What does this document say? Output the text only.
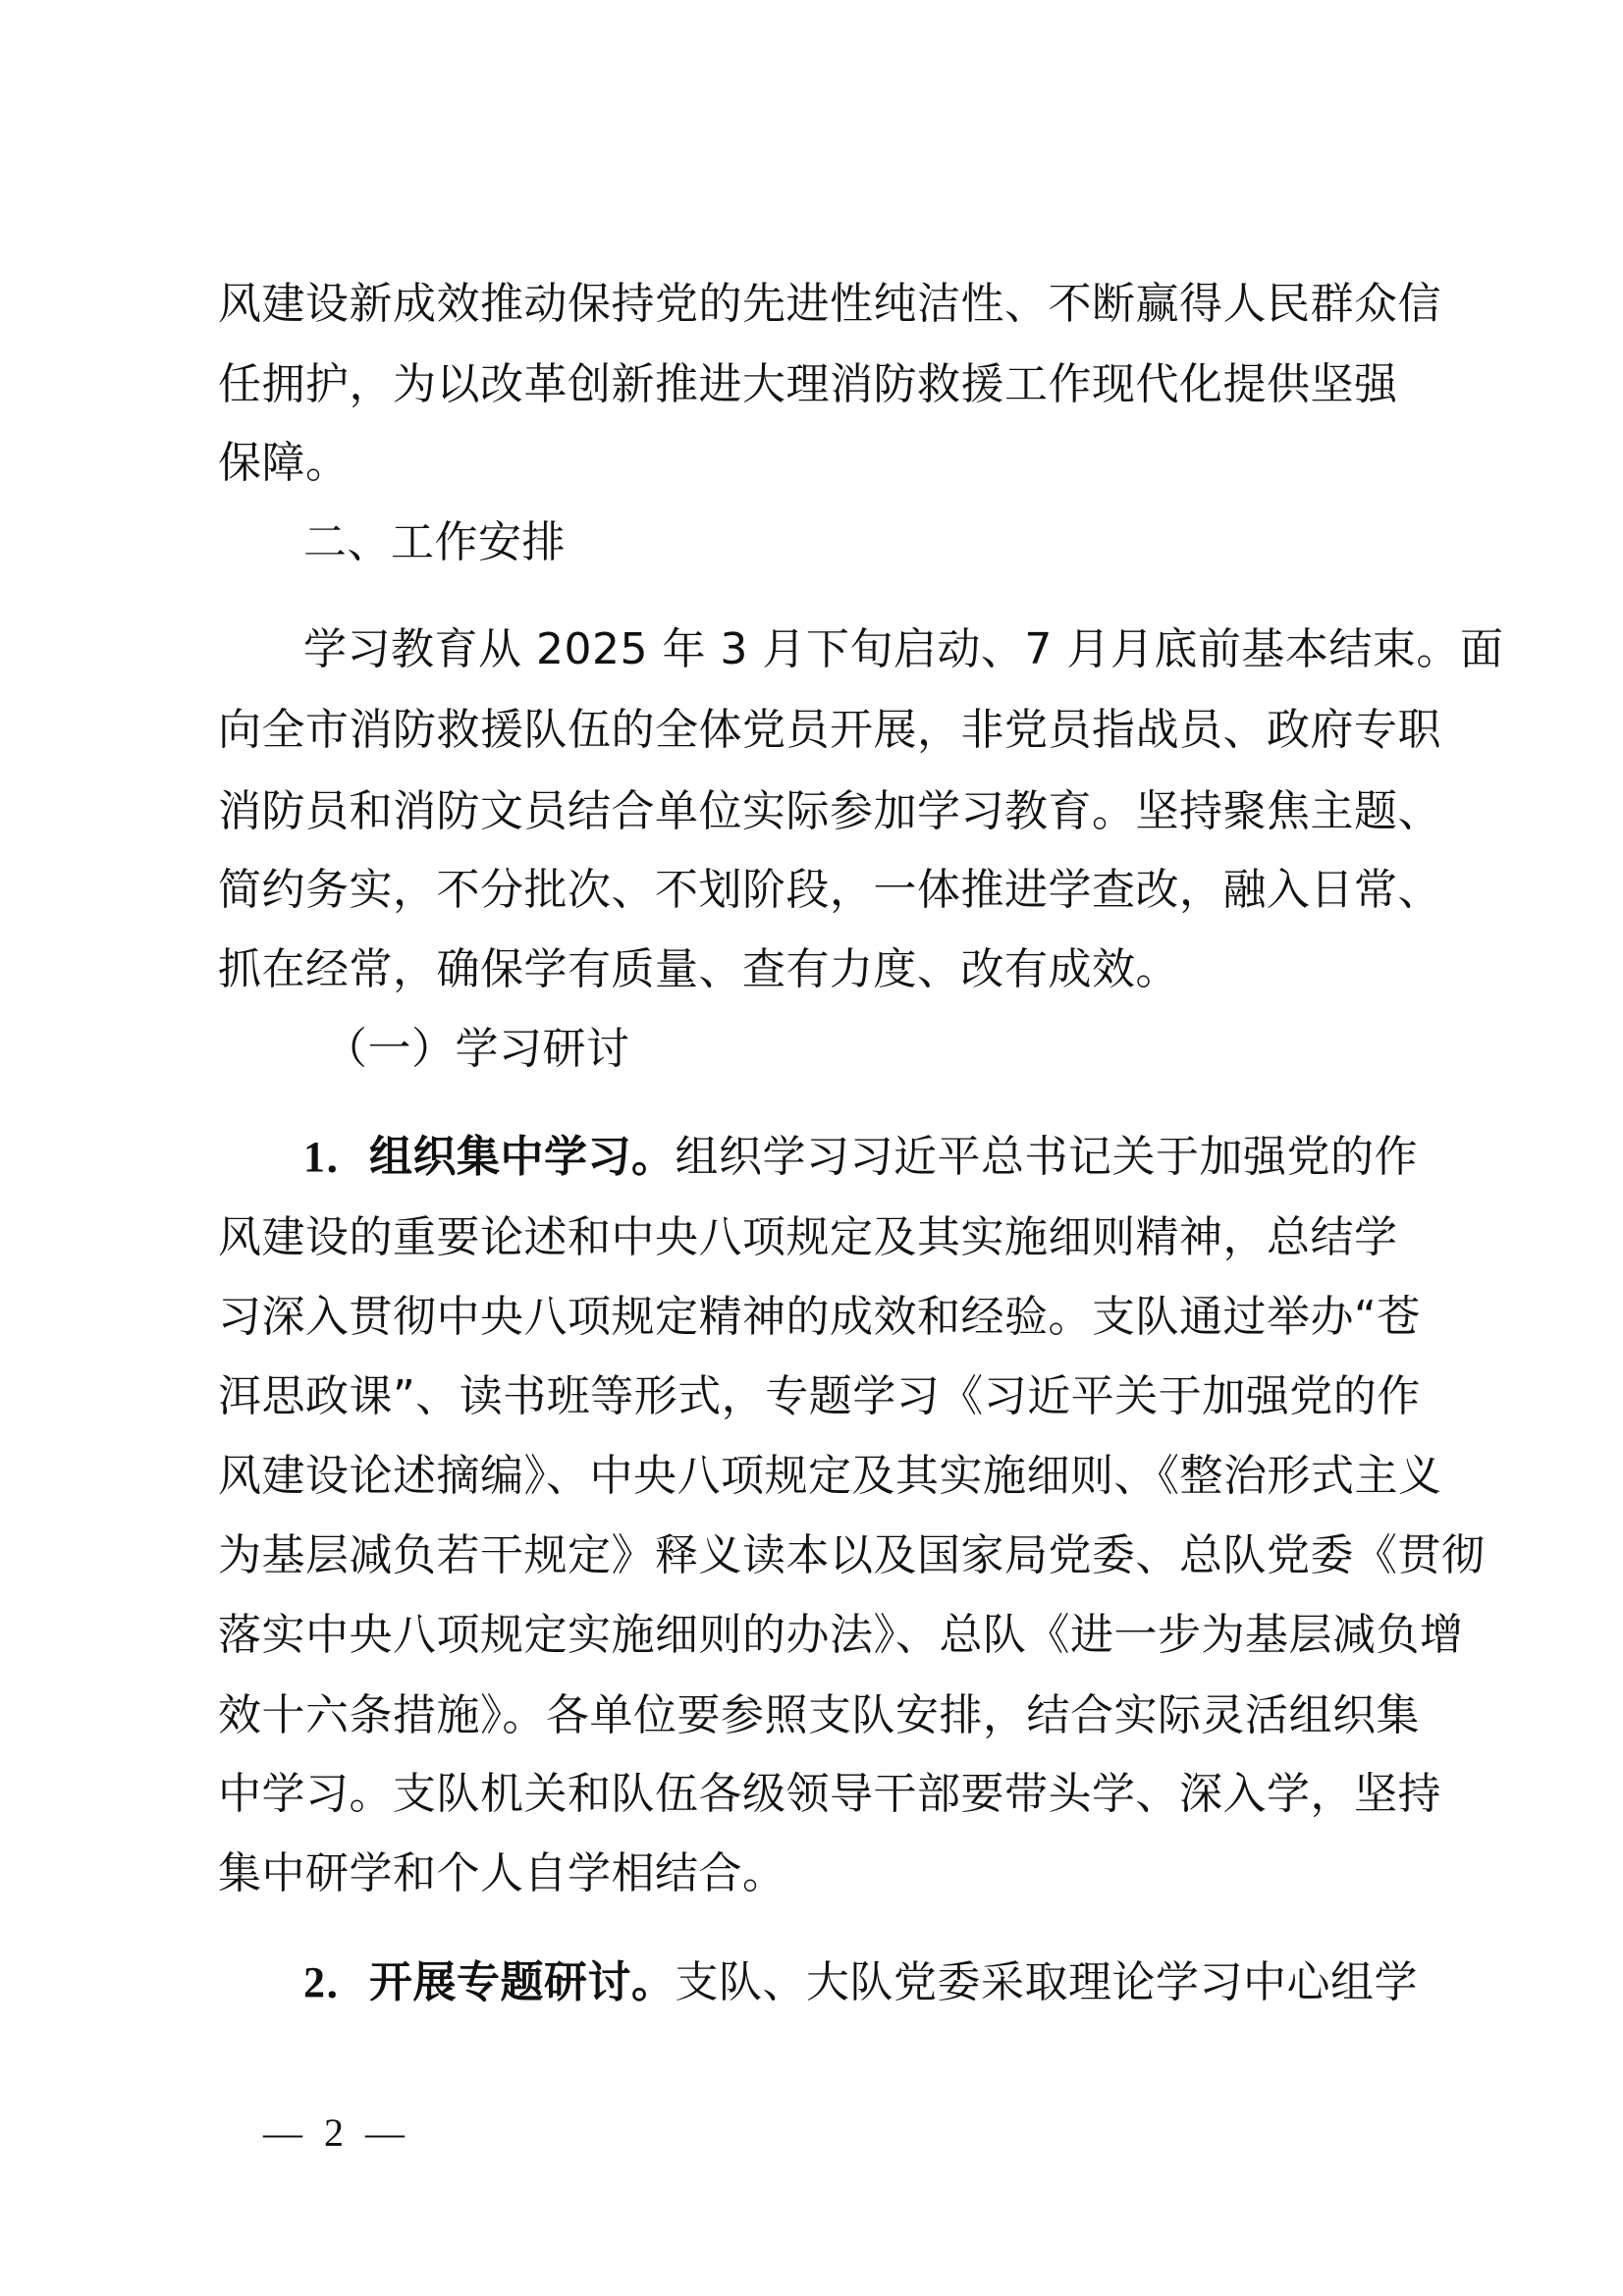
风建设新成效推动保持党的先进性纯洁性、不断赢得人民群众信
任拥护，为以改革创新推进大理消防救援工作现代化提供坚强
保障。
二、工作安排
学习教育从 2025 年 3 月下旬启动、7 月月底前基本结束。面
向全市消防救援队伍的全体党员开展，非党员指战员、政府专职
消防员和消防文员结合单位实际参加学习教育。坚持聚焦主题、
简约务实，不分批次、不划阶段，一体推进学查改，融入日常、
抓在经常，确保学有质量、查有力度、改有成效。
（一）学习研讨
1．组织集中学习。组织学习习近平总书记关于加强党的作
风建设的重要论述和中央八项规定及其实施细则精神，总结学
习深入贯彻中央八项规定精神的成效和经验。支队通过举办“苍
洱思政课”、读书班等形式，专题学习《习近平关于加强党的作
风建设论述摘编》、中央八项规定及其实施细则、《整治形式主义
为基层减负若干规定》释义读本以及国家局党委、总队党委《贯彻
落实中央八项规定实施细则的办法》、总队《进一步为基层减负增
效十六条措施》。各单位要参照支队安排，结合实际灵活组织集
中学习。支队机关和队伍各级领导干部要带头学、深入学，坚持
集中研学和个人自学相结合。
2．开展专题研讨。支队、大队党委采取理论学习中心组学
— 2 —
